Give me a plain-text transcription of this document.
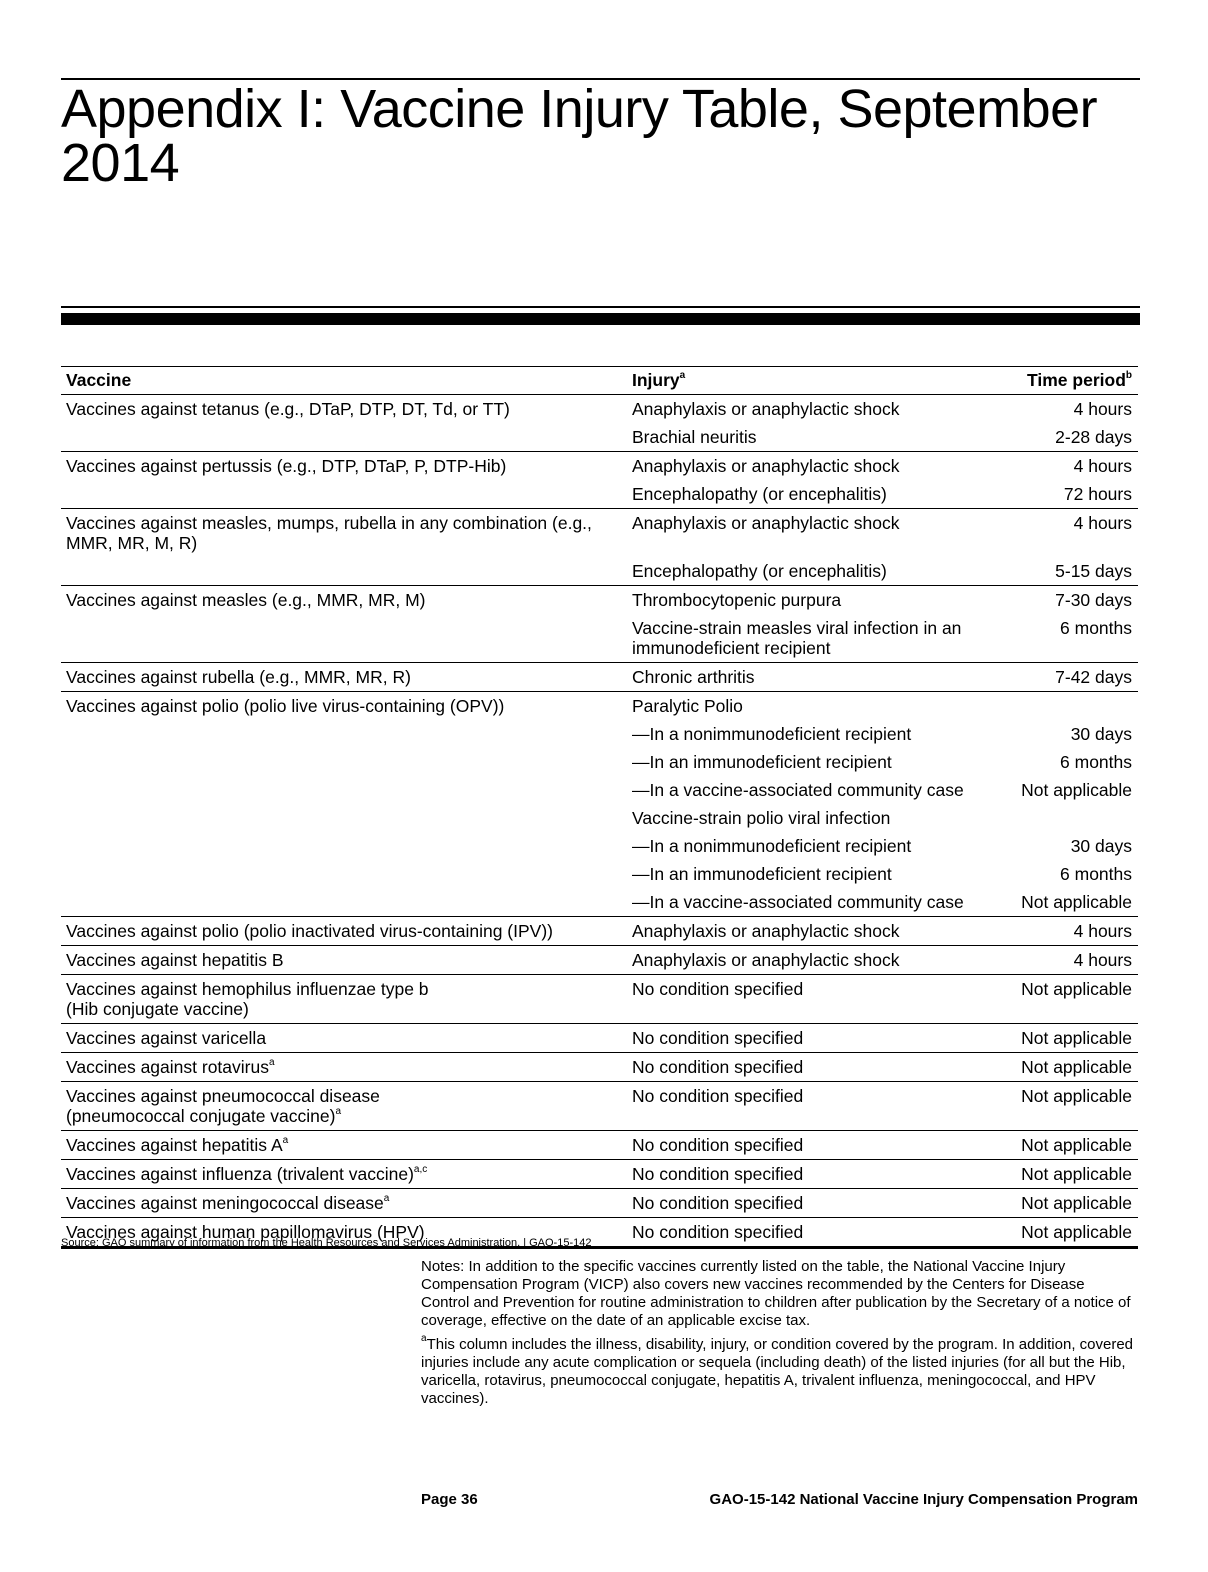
Appendix I: Vaccine Injury Table, September 2014
Vaccine	Injury$^a$	Time period$^b$
Vaccines against tetanus (e.g., DTaP, DTP, DT, Td, or TT)	Anaphylaxis or anaphylactic shock	4 hours
	Brachial neuritis	2-28 days
Vaccines against pertussis (e.g., DTP, DTaP, P, DTP-Hib)	Anaphylaxis or anaphylactic shock	4 hours
	Encephalopathy (or encephalitis)	72 hours
Vaccines against measles, mumps, rubella in any combination (e.g., MMR, MR, M, R)	Anaphylaxis or anaphylactic shock	4 hours
	Encephalopathy (or encephalitis)	5-15 days
Vaccines against measles (e.g., MMR, MR, M)	Thrombocytopenic purpura	7-30 days
	Vaccine-strain measles viral infection in an immunodeficient recipient	6 months
Vaccines against rubella (e.g., MMR, MR, R)	Chronic arthritis	7-42 days
Vaccines against polio (polio live virus-containing (OPV))	Paralytic Polio	
	—In a nonimmunodeficient recipient	30 days
	—In an immunodeficient recipient	6 months
	—In a vaccine-associated community case	Not applicable
	Vaccine-strain polio viral infection	
	—In a nonimmunodeficient recipient	30 days
	—In an immunodeficient recipient	6 months
	—In a vaccine-associated community case	Not applicable
Vaccines against polio (polio inactivated virus-containing (IPV))	Anaphylaxis or anaphylactic shock	4 hours
Vaccines against hepatitis B	Anaphylaxis or anaphylactic shock	4 hours
Vaccines against hemophilus influenzae type b
(Hib conjugate vaccine)	No condition specified	Not applicable
Vaccines against varicella	No condition specified	Not applicable
Vaccines against rotavirus$^a$	No condition specified	Not applicable
Vaccines against pneumococcal disease
(pneumococcal conjugate vaccine)$^a$	No condition specified	Not applicable
Vaccines against hepatitis $A^a$	No condition specified	Not applicable
Vaccines against influenza (trivalent vaccine)$^{a,c}$	No condition specified	Not applicable
Vaccines against meningococcal disease$^a$	No condition specified	Not applicable
Vaccines against human papillomavirus (HPV)	No condition specified	Not applicable
Source: GAO summary of information from the Health Resources and Services Administration. | GAO-15-142

Notes: In addition to the specific vaccines currently listed on the table, the National Vaccine Injury Compensation Program (VICP) also covers new vaccines recommended by the Centers for Disease Control and Prevention for routine administration to children after publication by the Secretary of a notice of coverage, effective on the date of an applicable excise tax.

$^a$This column includes the illness, disability, injury, or condition covered by the program. In addition, covered injuries include any acute complication or sequela (including death) of the listed injuries (for all but the Hib, varicella, rotavirus, pneumococcal conjugate, hepatitis A, trivalent influenza, meningococcal, and HPV vaccines).

Page 36	GAO-15-142 National Vaccine Injury Compensation Program
